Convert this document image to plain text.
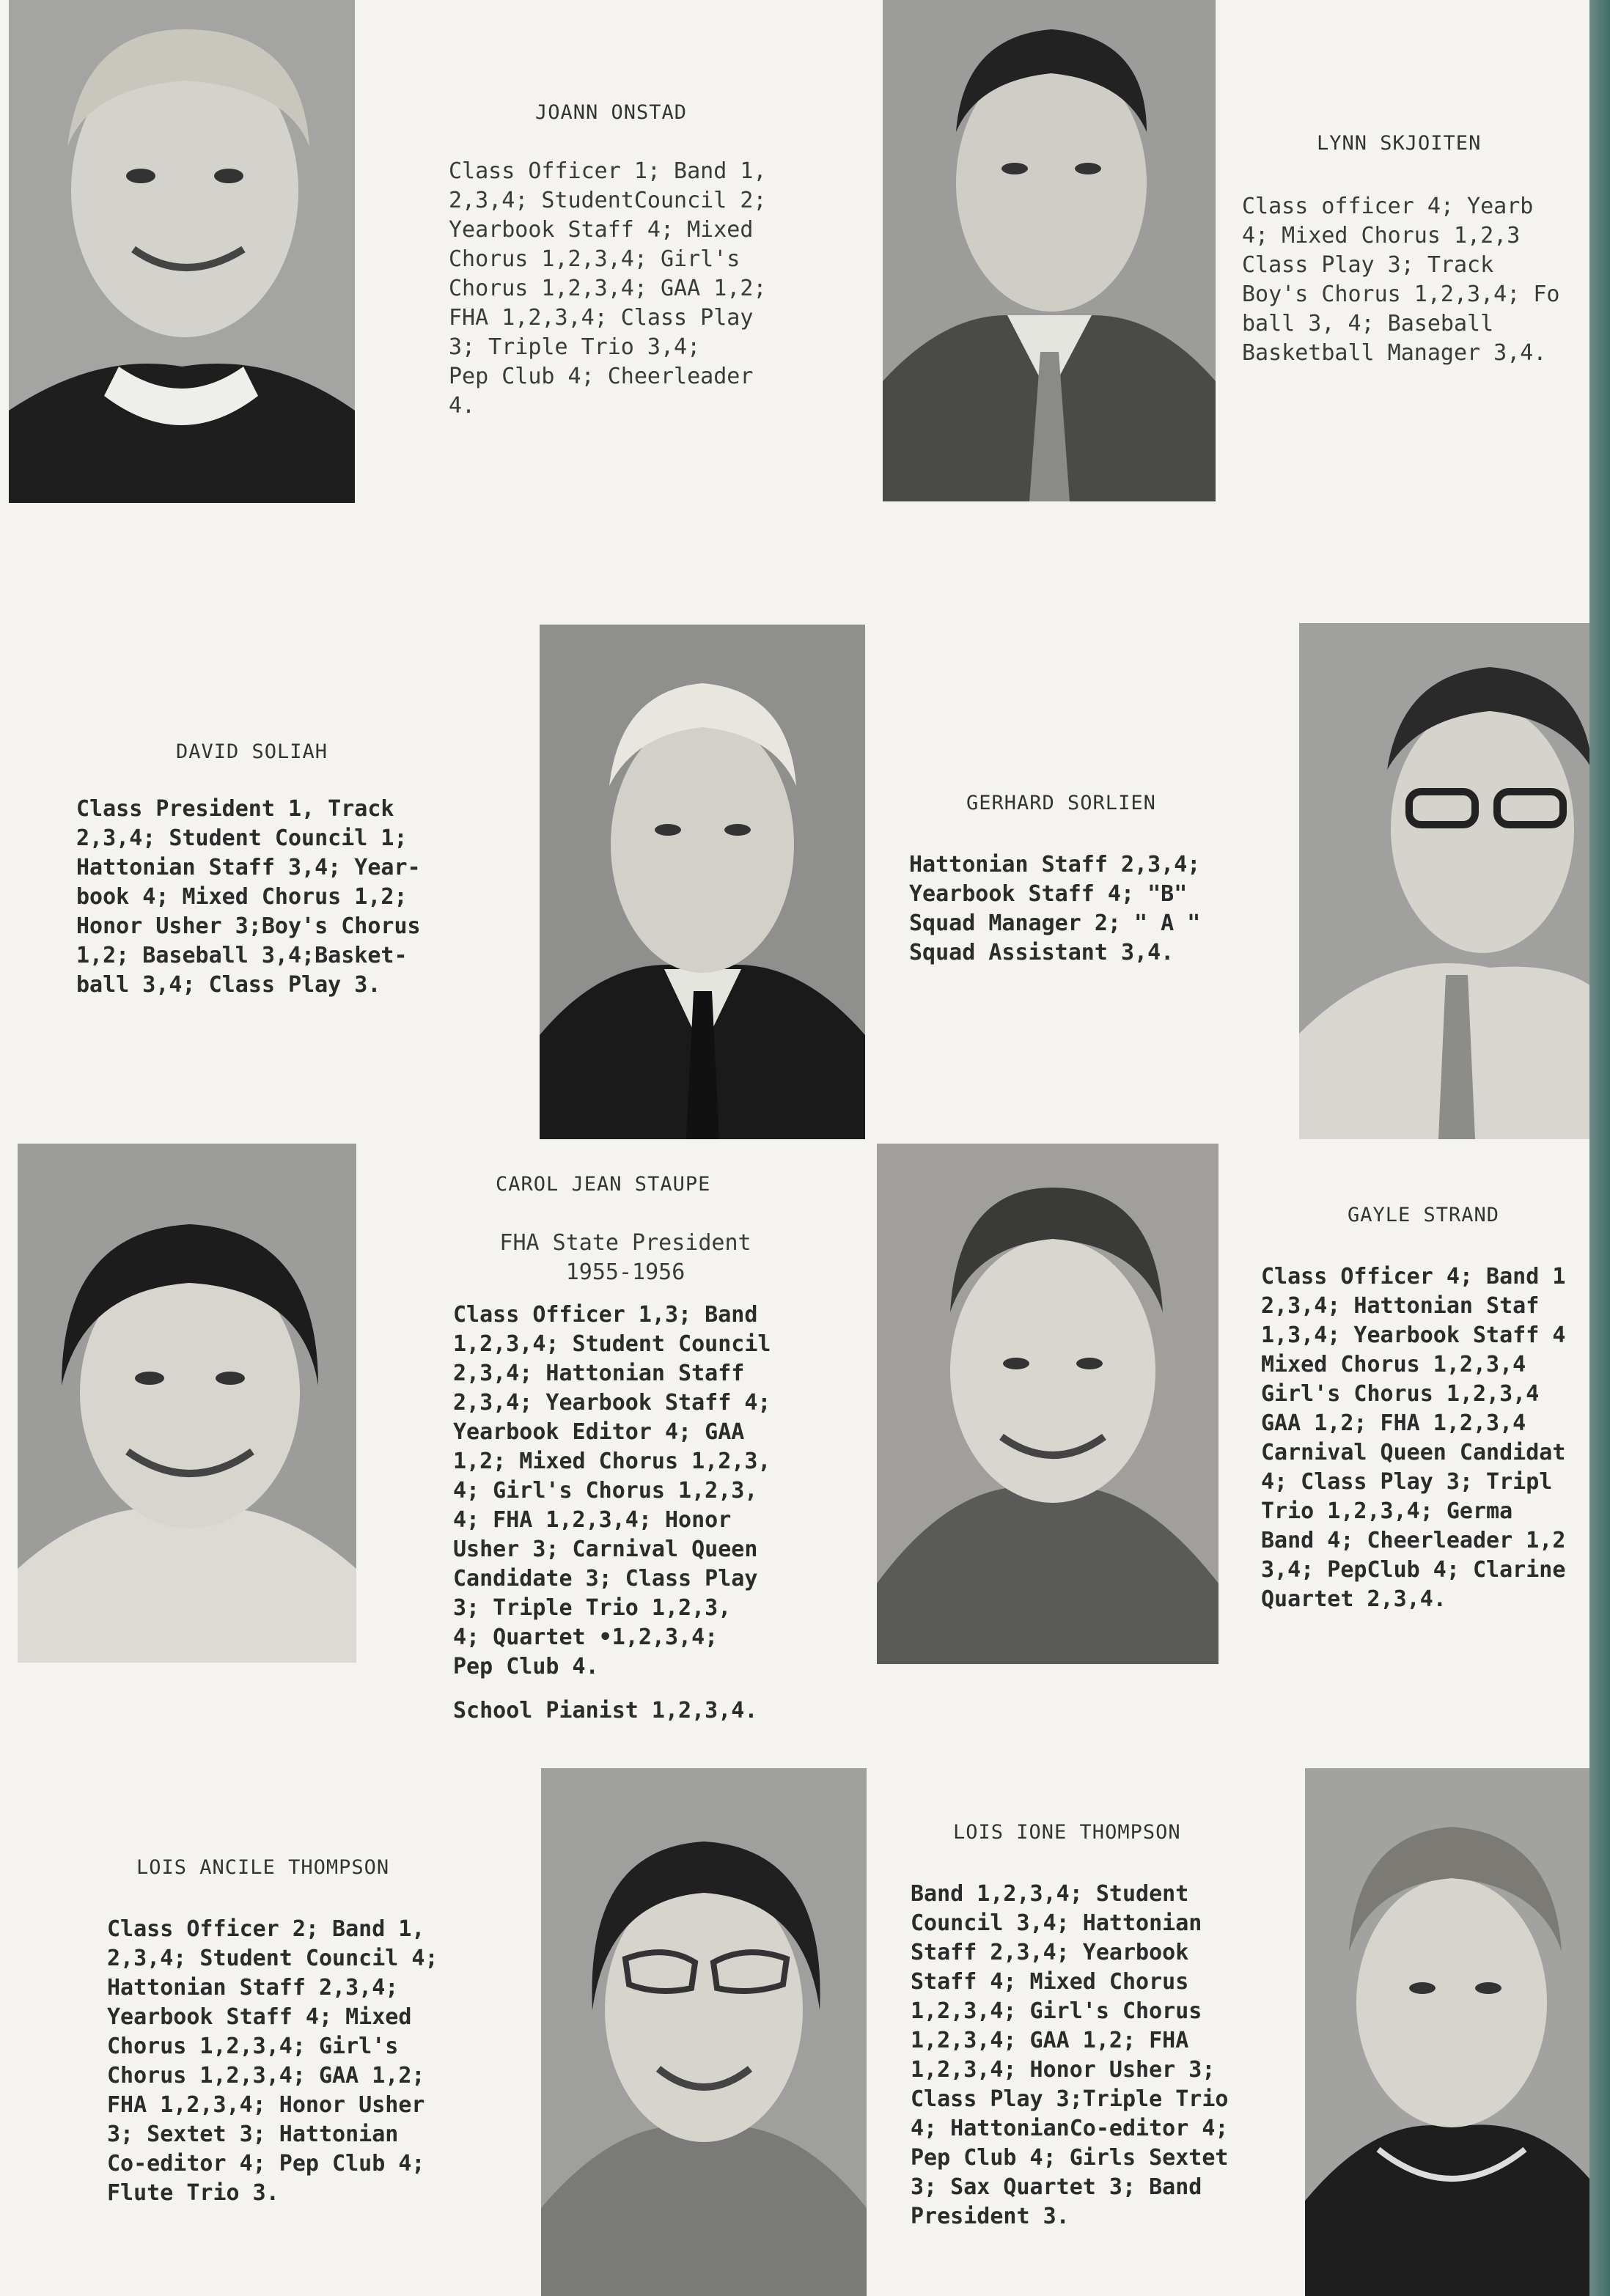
JOANN ONSTAD
Class Officer 1; Band 1,
2,3,4; StudentCouncil 2;
Yearbook Staff 4; Mixed
Chorus 1,2,3,4; Girl's
Chorus 1,2,3,4; GAA 1,2;
FHA 1,2,3,4; Class Play
3; Triple Trio 3,4;
Pep Club 4; Cheerleader
4.
LYNN SKJOITEN
Class officer 4; Yearb
4; Mixed Chorus 1,2,3
Class Play 3; Track
Boy's Chorus 1,2,3,4; Fo
ball 3, 4; Baseball
Basketball Manager 3,4.
DAVID SOLIAH
Class President 1, Track
2,3,4; Student Council 1;
Hattonian Staff 3,4; Year-
book 4; Mixed Chorus 1,2;
Honor Usher 3;Boy's Chorus
1,2; Baseball 3,4;Basket-
ball 3,4; Class Play 3.
GERHARD SORLIEN
Hattonian Staff 2,3,4;
Yearbook Staff 4; "B"
Squad Manager 2; " A "
Squad Assistant 3,4.
CAROL JEAN STAUPE
FHA State President
1955-1956
Class Officer 1,3; Band
1,2,3,4; Student Council
2,3,4; Hattonian Staff
2,3,4; Yearbook Staff 4;
Yearbook Editor 4; GAA
1,2; Mixed Chorus 1,2,3,
4; Girl's Chorus 1,2,3,
4; FHA 1,2,3,4; Honor
Usher 3; Carnival Queen
Candidate 3; Class Play
3; Triple Trio 1,2,3,
4; Quartet •1,2,3,4;
Pep Club 4.
School Pianist 1,2,3,4.
GAYLE STRAND
Class Officer 4; Band 1
2,3,4; Hattonian Staf
1,3,4; Yearbook Staff 4
Mixed Chorus 1,2,3,4
Girl's Chorus 1,2,3,4
GAA 1,2; FHA 1,2,3,4
Carnival Queen Candidat
4; Class Play 3; Tripl
Trio 1,2,3,4; Germa
Band 4; Cheerleader 1,2
3,4; PepClub 4; Clarine
Quartet 2,3,4.
LOIS ANCILE THOMPSON
Class Officer 2; Band 1,
2,3,4; Student Council 4;
Hattonian Staff 2,3,4;
Yearbook Staff 4; Mixed
Chorus 1,2,3,4; Girl's
Chorus 1,2,3,4; GAA 1,2;
FHA 1,2,3,4; Honor Usher
3; Sextet 3; Hattonian
Co-editor 4; Pep Club 4;
Flute Trio 3.
LOIS IONE THOMPSON
Band 1,2,3,4; Student
Council 3,4; Hattonian
Staff 2,3,4; Yearbook
Staff 4; Mixed Chorus
1,2,3,4; Girl's Chorus
1,2,3,4; GAA 1,2; FHA
1,2,3,4; Honor Usher 3;
Class Play 3;Triple Trio
4; HattonianCo-editor 4;
Pep Club 4; Girls Sextet
3; Sax Quartet 3; Band
President 3.
